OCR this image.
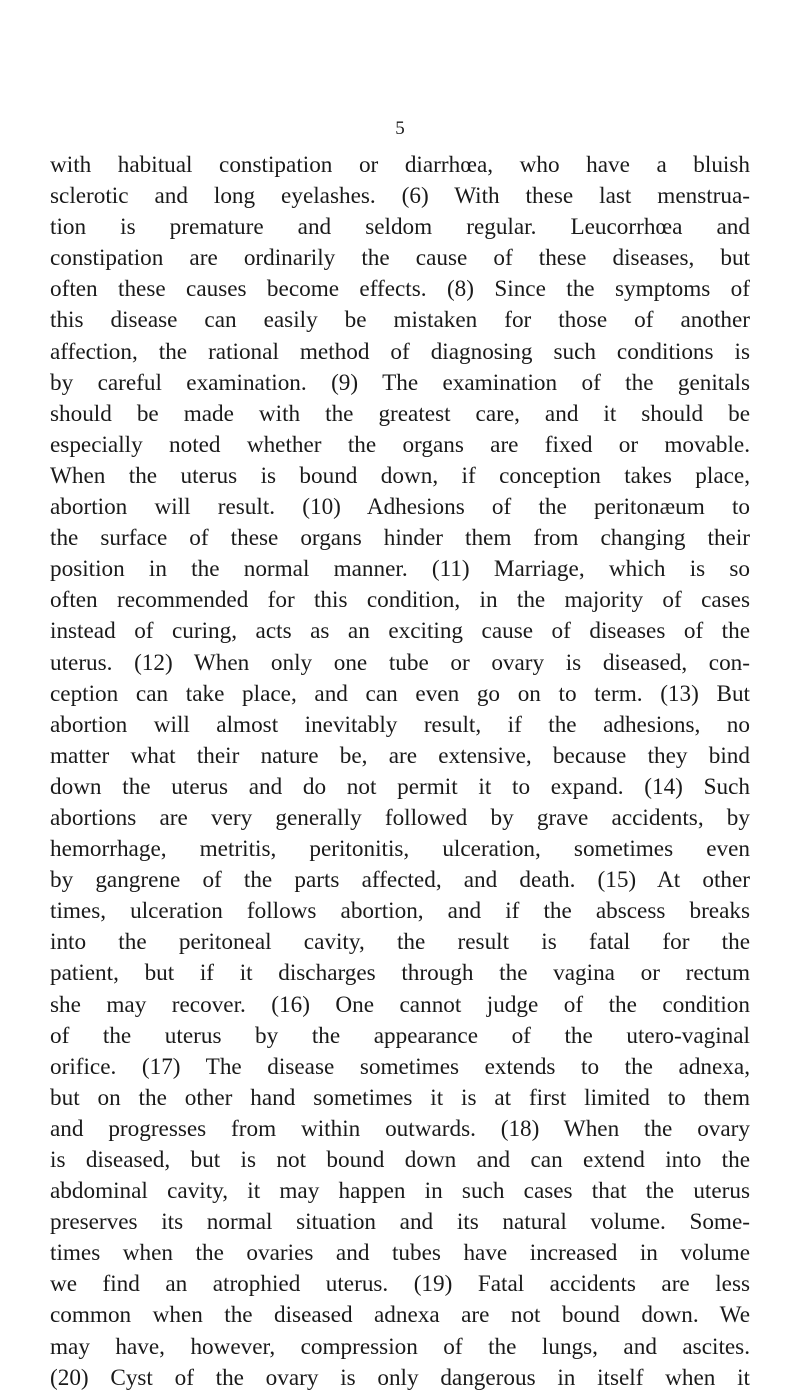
5
with habitual constipation or diarrhœa, who have a bluish
sclerotic and long eyelashes. (6) With these last menstrua-
tion is premature and seldom regular. Leucorrhœa and
constipation are ordinarily the cause of these diseases, but
often these causes become effects. (8) Since the symptoms of
this disease can easily be mistaken for those of another
affection, the rational method of diagnosing such conditions is
by careful examination. (9) The examination of the genitals
should be made with the greatest care, and it should be
especially noted whether the organs are fixed or movable.
When the uterus is bound down, if conception takes place,
abortion will result. (10) Adhesions of the peritonæum to
the surface of these organs hinder them from changing their
position in the normal manner. (11) Marriage, which is so
often recommended for this condition, in the majority of cases
instead of curing, acts as an exciting cause of diseases of the
uterus. (12) When only one tube or ovary is diseased, con-
ception can take place, and can even go on to term. (13) But
abortion will almost inevitably result, if the adhesions, no
matter what their nature be, are extensive, because they bind
down the uterus and do not permit it to expand. (14) Such
abortions are very generally followed by grave accidents, by
hemorrhage, metritis, peritonitis, ulceration, sometimes even
by gangrene of the parts affected, and death. (15) At other
times, ulceration follows abortion, and if the abscess breaks
into the peritoneal cavity, the result is fatal for the
patient, but if it discharges through the vagina or rectum
she may recover. (16) One cannot judge of the condition
of the uterus by the appearance of the utero-vaginal
orifice. (17) The disease sometimes extends to the adnexa,
but on the other hand sometimes it is at first limited to them
and progresses from within outwards. (18) When the ovary
is diseased, but is not bound down and can extend into the
abdominal cavity, it may happen in such cases that the uterus
preserves its normal situation and its natural volume. Some-
times when the ovaries and tubes have increased in volume
we find an atrophied uterus. (19) Fatal accidents are less
common when the diseased adnexa are not bound down. We
may have, however, compression of the lungs, and ascites.
(20) Cyst of the ovary is only dangerous in itself when it
